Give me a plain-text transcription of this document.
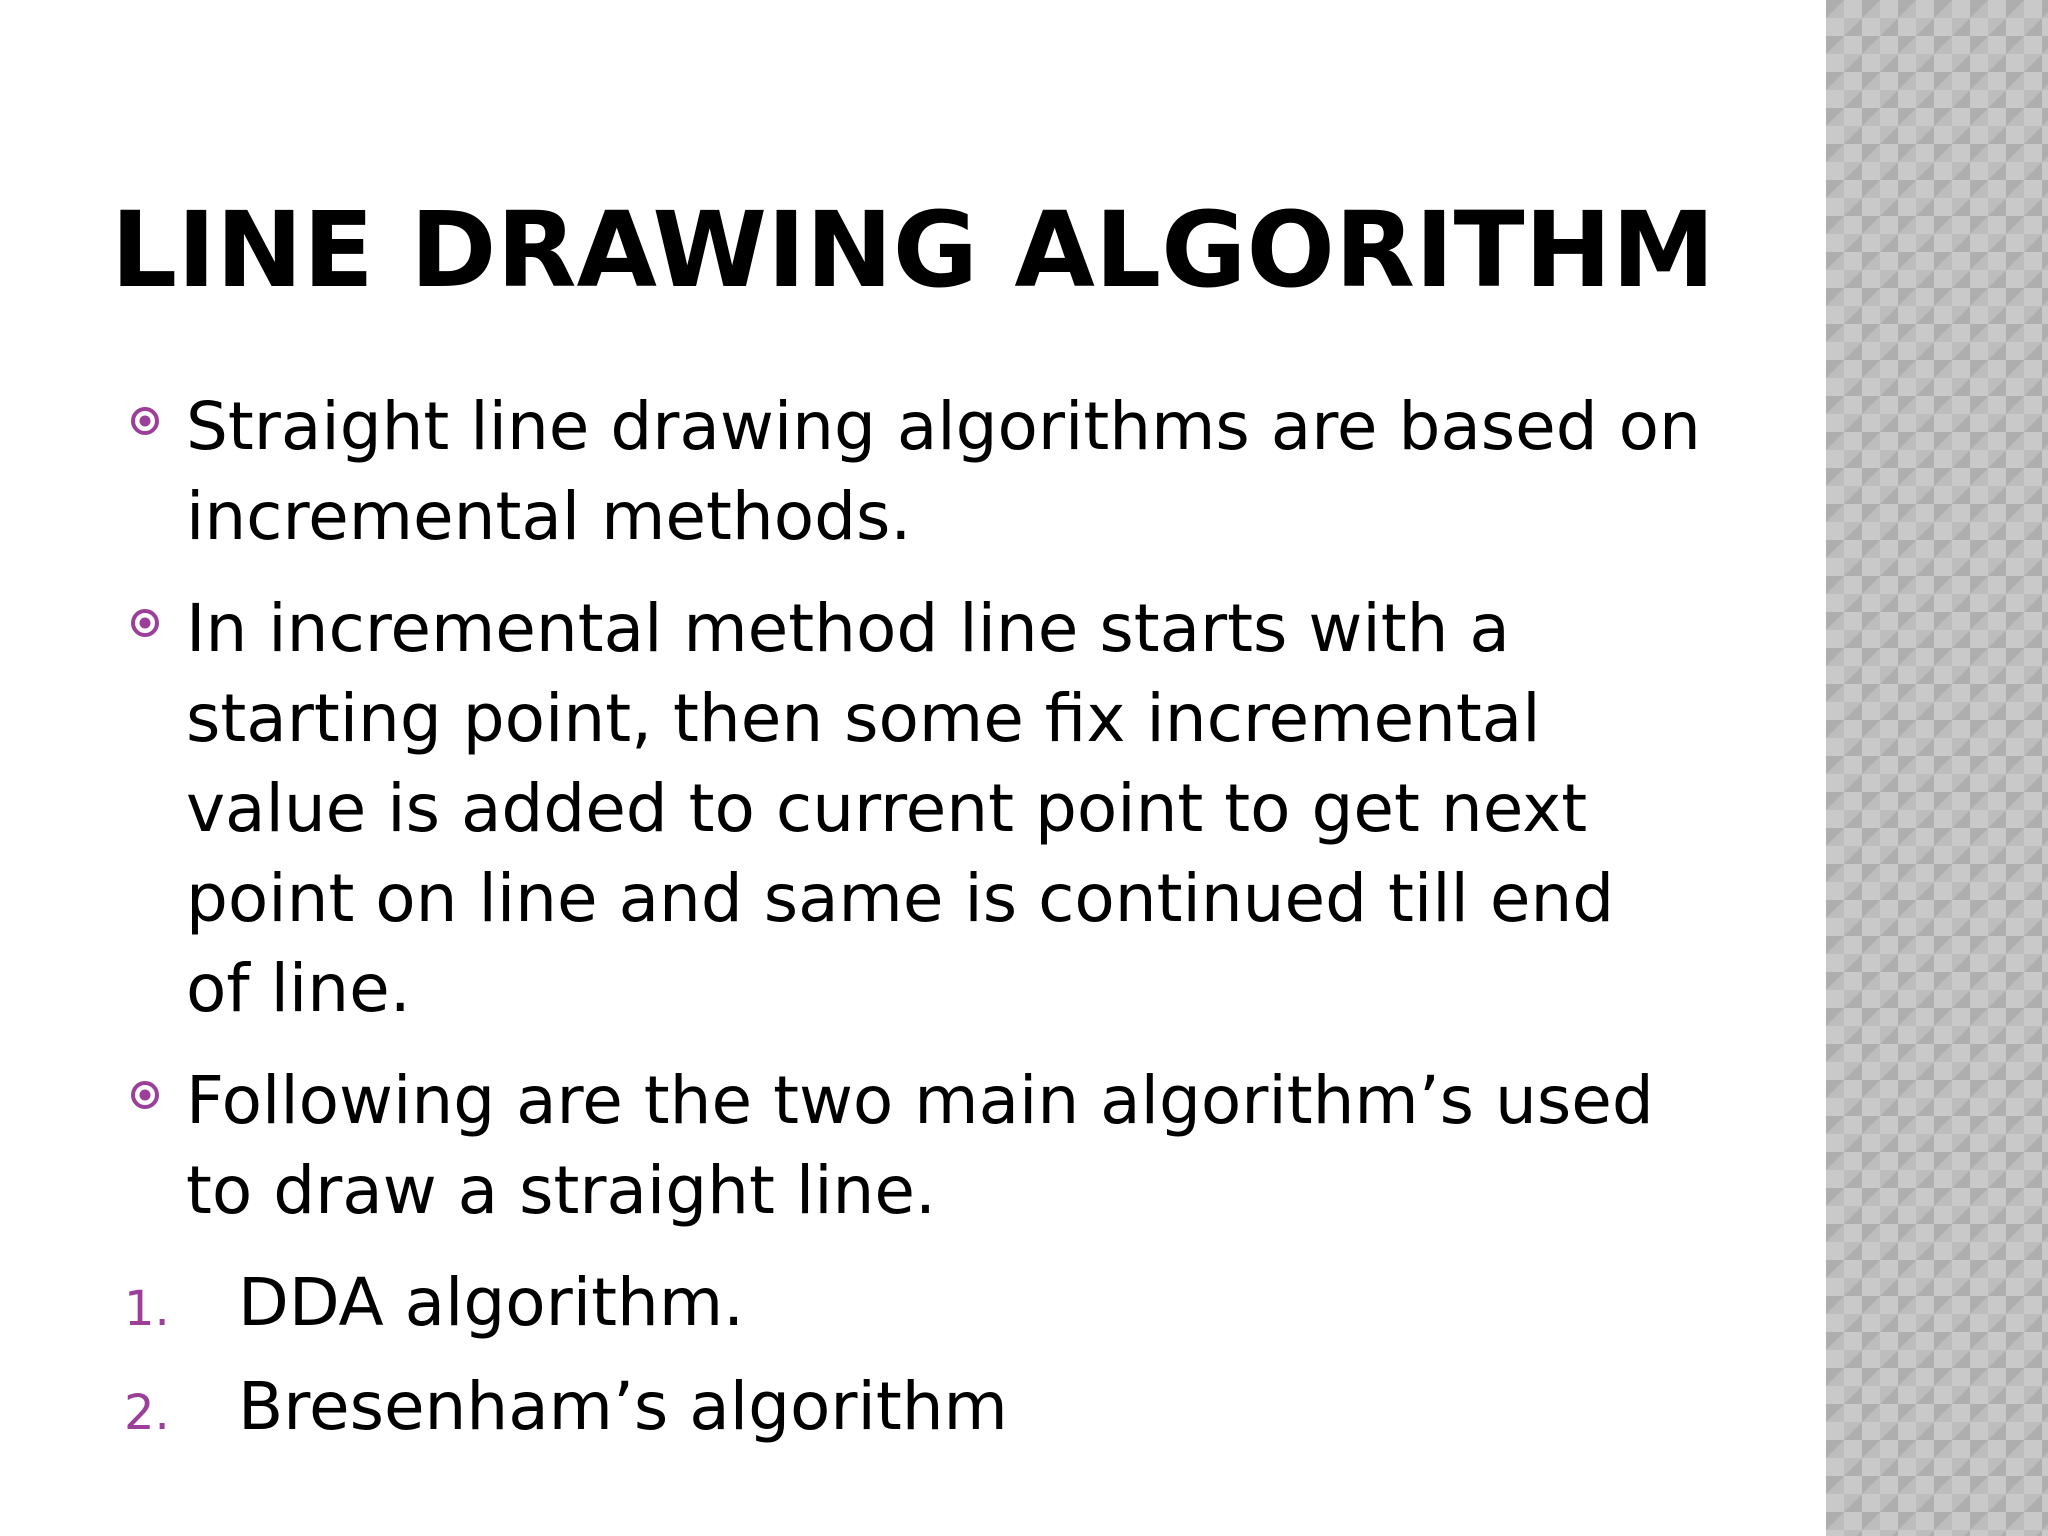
LINE DRAWING ALGORITHM
Straight line drawing algorithms are based on
incremental methods.
In incremental method line starts with a
starting point, then some fix incremental
value is added to current point to get next
point on line and same is continued till end
of line.
Following are the two main algorithm’s used
to draw a straight line.
1. DDA algorithm.
2. Bresenham’s algorithm
